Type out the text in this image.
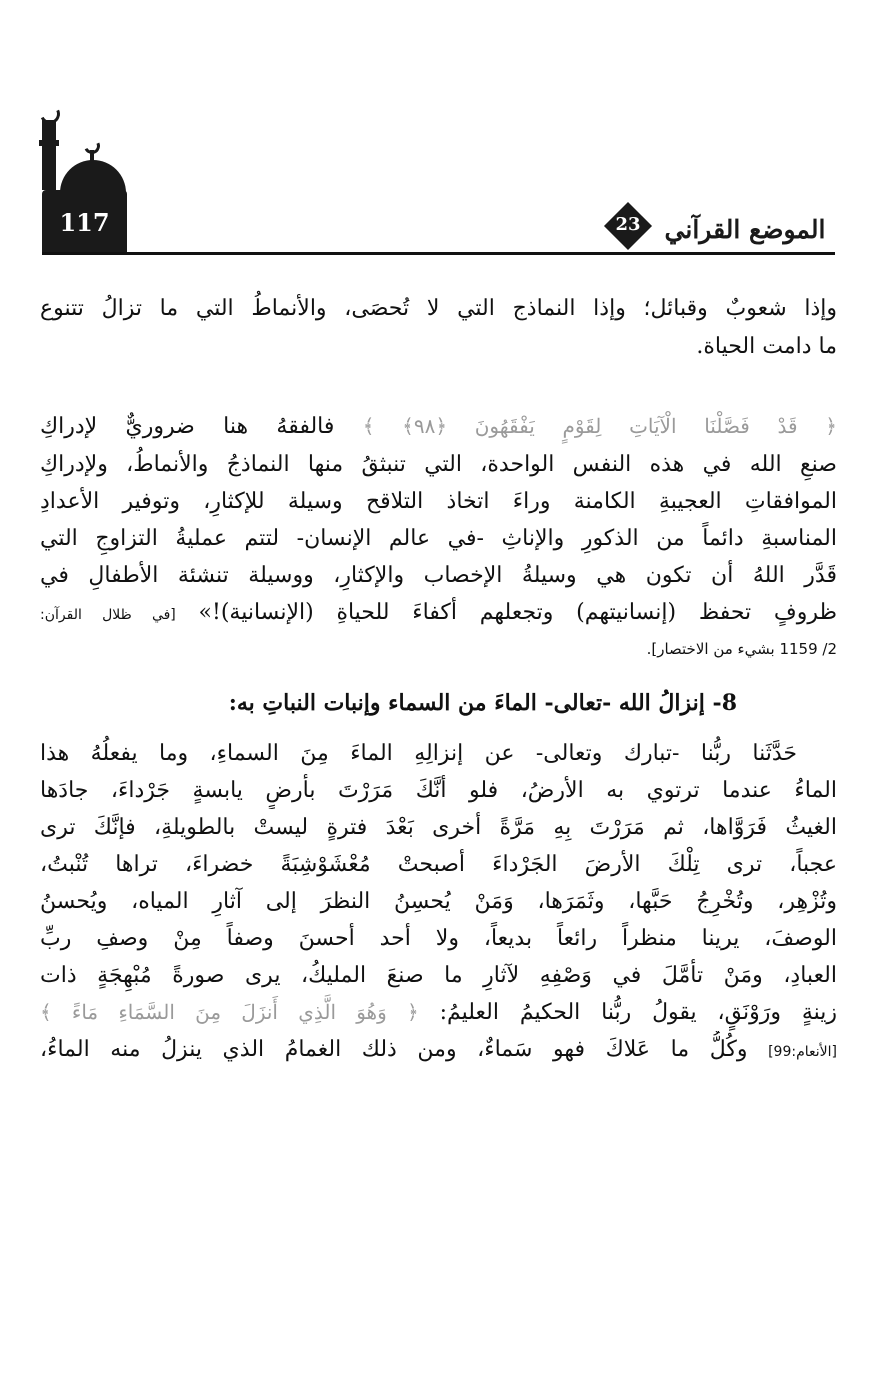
117	23 الموضع القرآني
وإذا شعوبٌ وقبائل؛ وإذا النماذج التي لا تُحصَى، والأنماطُ التي ما تزالُ تتنوع
ما دامت الحياة.
﴿ قَدْ فَصَّلْنَا الْآيَاتِ لِقَوْمٍ يَفْقَهُونَ ﴿٩٨﴾ ﴾ فالفقهُ هنا ضروريٌّ لإدراكِ
صنعِ الله في هذه النفس الواحدة، التي تنبثقُ منها النماذجُ والأنماطُ، ولإدراكِ
الموافقاتِ العجيبةِ الكامنة وراءَ اتخاذ التلاقح وسيلة للإكثارِ، وتوفير الأعدادِ
المناسبةِ دائماً من الذكورِ والإناثِ -في عالم الإنسان- لتتم عمليةُ التزاوجِ التي
قَدَّر اللهُ أن تكون هي وسيلةُ الإخصاب والإكثارِ، ووسيلة تنشئة الأطفالِ في
ظروفٍ تحفظ (إنسانيتهم) وتجعلهم أكفاءَ للحياةِ (الإنسانية)!» [في ظلال القرآن:
2/ 1159 بشيء من الاختصار].
8- إنزالُ الله -تعالى- الماءَ من السماء وإنبات النباتِ به:
حَدَّثَنا ربُّنا -تبارك وتعالى- عن إنزالِهِ الماءَ مِنَ السماءِ، وما يفعلُهُ هذا
الماءُ عندما ترتوي به الأرضُ، فلو أنَّكَ مَرَرْتَ بأرضٍ يابسةٍ جَرْداءَ، جادَها
الغيثُ فَرَوَّاها، ثم مَرَرْتَ بِهِ مَرَّةً أخرى بَعْدَ فترةٍ ليستْ بالطويلةِ، فإنَّكَ ترى
عجباً، ترى تِلْكَ الأرضَ الجَرْداءَ أصبحتْ مُعْشَوْشِبَةً خضراءَ، تراها تُنْبتُ،
وتُزْهِر، وتُخْرِجُ حَبَّها، وثَمَرَها، وَمَنْ يُحسِنُ النظرَ إلى آثارِ المياه، ويُحسنُ
الوصفَ، يرينا منظراً رائعاً بديعاً، ولا أحد أحسنَ وصفاً مِنْ وصفِ ربِّ
العبادِ، ومَنْ تأمَّلَ في وَصْفِهِ لآثارِ ما صنعَ المليكُ، يرى صورةً مُبْهِجَةٍ ذات
زينةٍ ورَوْنَقٍ، يقولُ ربُّنا الحكيمُ العليمُ: ﴿ وَهُوَ الَّذِي أَنزَلَ مِنَ السَّمَاءِ مَاءً ﴾
[الأنعام:99] وكُلُّ ما عَلاكَ فهو سَماءٌ، ومن ذلك الغمامُ الذي ينزلُ منه الماءُ،
